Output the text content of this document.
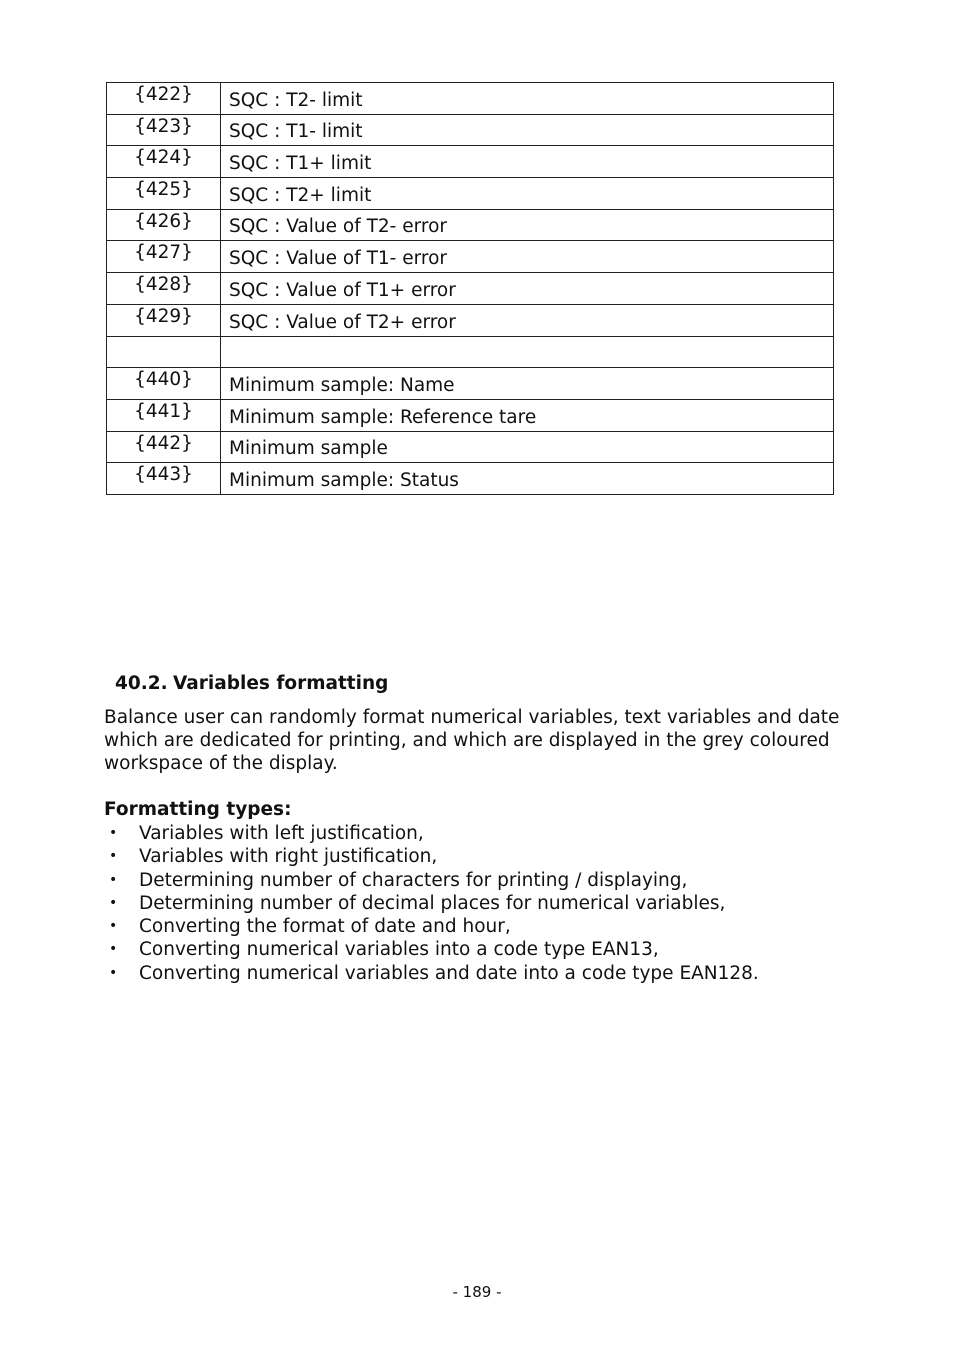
{422}	SQC : T2- limit
{423}	SQC : T1- limit
{424}	SQC : T1+ limit
{425}	SQC : T2+ limit
{426}	SQC : Value of T2- error
{427}	SQC : Value of T1- error
{428}	SQC : Value of T1+ error
{429}	SQC : Value of T2+ error

{440}	Minimum sample: Name
{441}	Minimum sample: Reference tare
{442}	Minimum sample
{443}	Minimum sample: Status
40.2. Variables formatting

Balance user can randomly format numerical variables, text variables and date which are dedicated for printing, and which are displayed in the grey coloured workspace of the display.

Formatting types:

• Variables with left justification,
• Variables with right justification,
• Determining number of characters for printing / displaying,
• Determining number of decimal places for numerical variables,
• Converting the format of date and hour,
• Converting numerical variables into a code type EAN13,
• Converting numerical variables and date into a code type EAN128.
- 189 -
